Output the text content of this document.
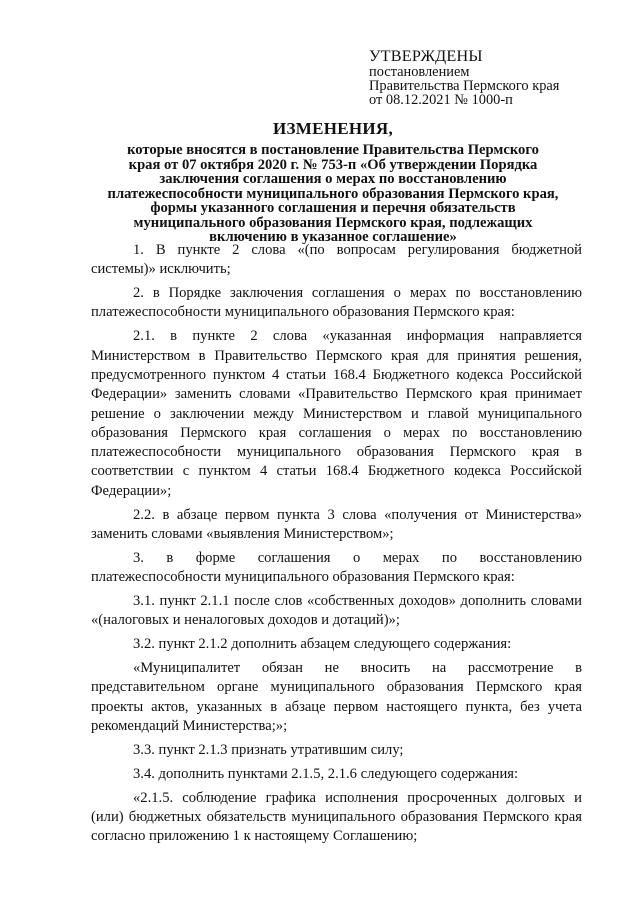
УТВЕРЖДЕНЫ
постановлением
Правительства Пермского края
от 08.12.2021 № 1000-п
ИЗМЕНЕНИЯ,
которые вносятся в постановление Правительства Пермского
края от 07 октября 2020 г. № 753-п «Об утверждении Порядка
заключения соглашения о мерах по восстановлению
платежеспособности муниципального образования Пермского края,
формы указанного соглашения и перечня обязательств
муниципального образования Пермского края, подлежащих
включению в указанное соглашение»

1. В пункте 2 слова «(по вопросам регулирования бюджетной системы)» исключить;

2. в Порядке заключения соглашения о мерах по восстановлению платежеспособности муниципального образования Пермского края:

2.1. в пункте 2 слова «указанная информация направляется Министерством в Правительство Пермского края для принятия решения, предусмотренного пунктом 4 статьи 168.4 Бюджетного кодекса Российской Федерации» заменить словами «Правительство Пермского края принимает решение о заключении между Министерством и главой муниципального образования Пермского края соглашения о мерах по восстановлению платежеспособности муниципального образования Пермского края в соответствии с пунктом 4 статьи 168.4 Бюджетного кодекса Российской Федерации»;

2.2. в абзаце первом пункта 3 слова «получения от Министерства» заменить словами «выявления Министерством»;

3. в форме соглашения о мерах по восстановлению платежеспособности муниципального образования Пермского края:

3.1. пункт 2.1.1 после слов «собственных доходов» дополнить словами «(налоговых и неналоговых доходов и дотаций)»;

3.2. пункт 2.1.2 дополнить абзацем следующего содержания:

«Муниципалитет обязан не вносить на рассмотрение в представительном органе муниципального образования Пермского края проекты актов, указанных в абзаце первом настоящего пункта, без учета рекомендаций Министерства;»;

3.3. пункт 2.1.3 признать утратившим силу;

3.4. дополнить пунктами 2.1.5, 2.1.6 следующего содержания:

«2.1.5. соблюдение графика исполнения просроченных долговых и (или) бюджетных обязательств муниципального образования Пермского края согласно приложению 1 к настоящему Соглашению;
